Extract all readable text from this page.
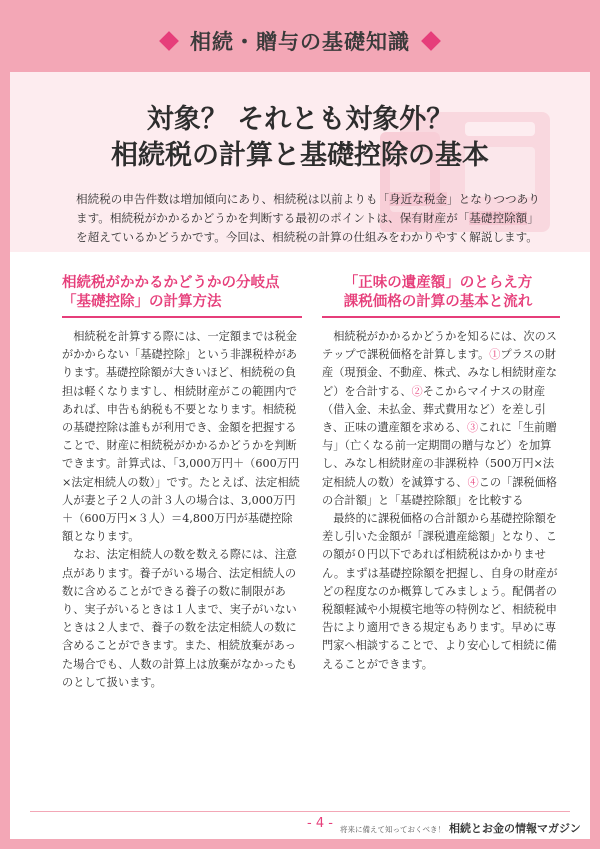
相続・贈与の基礎知識
対象？ それとも対象外？
相続税の計算と基礎控除の基本
相続税の申告件数は増加傾向にあり、相続税は以前よりも「身近な税金」となりつつあります。相続税がかかるかどうかを判断する最初のポイントは、保有財産が「基礎控除額」を超えているかどうかです。今回は、相続税の計算の仕組みをわかりやすく解説します。
相続税がかかるかどうかの分岐点
「基礎控除」の計算方法
「正味の遺産額」のとらえ方
課税価格の計算の基本と流れ

　相続税を計算する際には、一定額までは税金がかからない「基礎控除」という非課税枠があります。基礎控除額が大きいほど、相続税の負担は軽くなりますし、相続財産がこの範囲内であれば、申告も納税も不要となります。相続税の基礎控除は誰もが利用でき、金額を把握することで、財産に相続税がかかるかどうかを判断できます。計算式は、「3,000万円＋（600万円×法定相続人の数）」です。たとえば、法定相続人が妻と子２人の計３人の場合は、3,000万円＋（600万円×３人）＝4,800万円が基礎控除額となります。

　なお、法定相続人の数を数える際には、注意点があります。養子がいる場合、法定相続人の数に含めることができる養子の数に制限があり、実子がいるときは１人まで、実子がいないときは２人まで、養子の数を法定相続人の数に含めることができます。また、相続放棄があった場合でも、人数の計算上は放棄がなかったものとして扱います。

　相続税がかかるかどうかを知るには、次のステップで課税価格を計算します。①プラスの財産（現預金、不動産、株式、みなし相続財産など）を合計する、②そこからマイナスの財産（借入金、未払金、葬式費用など）を差し引き、正味の遺産額を求める、③これに「生前贈与」（亡くなる前一定期間の贈与など）を加算し、みなし相続財産の非課税枠（500万円×法定相続人の数）を減算する、④この「課税価格の合計額」と「基礎控除額」を比較する

　最終的に課税価格の合計額から基礎控除額を差し引いた金額が「課税遺産総額」となり、この額が０円以下であれば相続税はかかりません。まずは基礎控除額を把握し、自身の財産がどの程度なのか概算してみましょう。配偶者の税額軽減や小規模宅地等の特例など、相続税申告により適用できる規定もあります。早めに専門家へ相談することで、より安心して相続に備えることができます。

- 4 - 将来に備えて知っておくべき！ 相続とお金の情報マガジン
